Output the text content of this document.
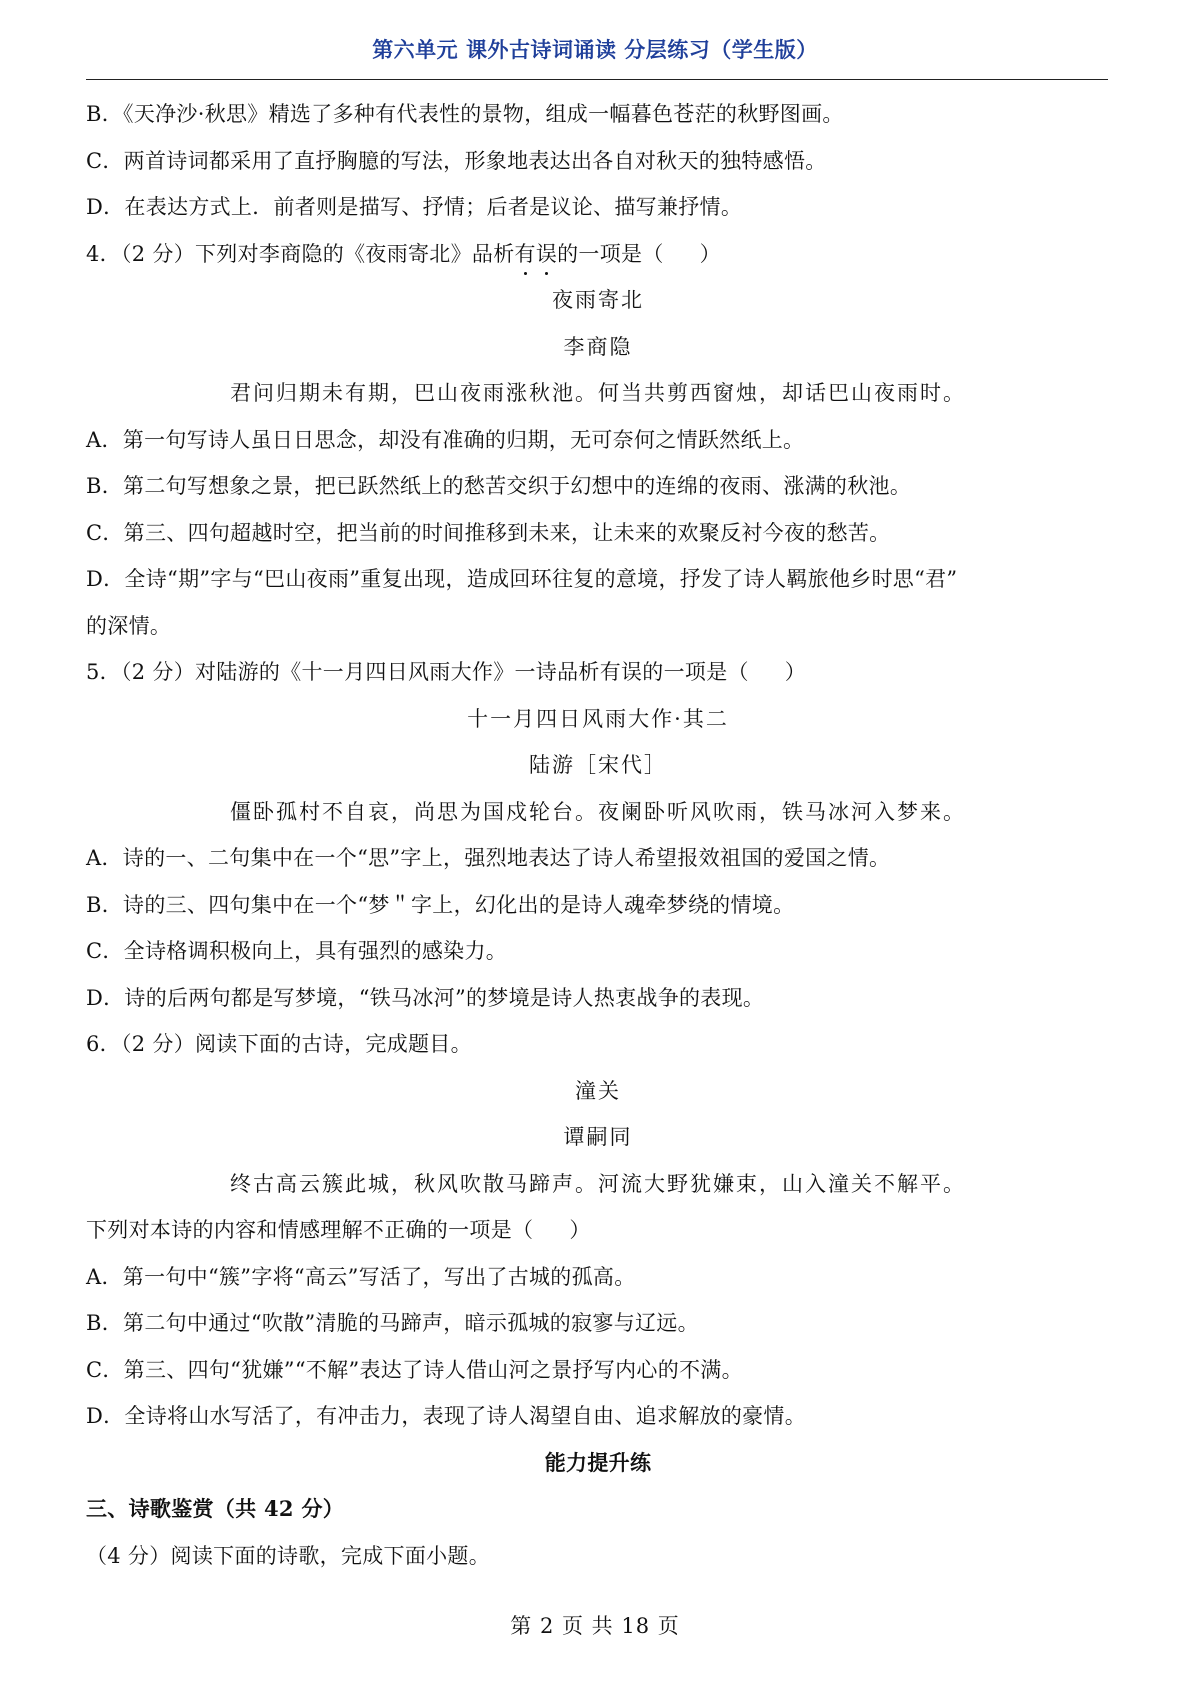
第六单元 课外古诗词诵读 分层练习（学生版）
B．《天净沙·秋思》精选了多种有代表性的景物，组成一幅暮色苍茫的秋野图画。
C．两首诗词都采用了直抒胸臆的写法，形象地表达出各自对秋天的独特感悟。
D．在表达方式上．前者则是描写、抒情；后者是议论、描写兼抒情。
4．（2 分）下列对李商隐的《夜雨寄北》品析有
误
的一项是（ ）
夜雨寄北
李商隐
君问归期未有期，巴山夜雨涨秋池。何当共剪西窗烛，却话巴山夜雨时。
A．第一句写诗人虽日日思念，却没有准确的归期，无可奈何之情跃然纸上。
B．第二句写想象之景，把已跃然纸上的愁苦交织于幻想中的连绵的夜雨、涨满的秋池。
C．第三、四句超越时空，把当前的时间推移到未来，让未来的欢聚反衬今夜的愁苦。
D．全诗“期”字与“巴山夜雨”重复出现，造成回环往复的意境，抒发了诗人羁旅他乡时思“君”
的深情。
5．（2 分）对陆游的《十一月四日风雨大作》一诗品析有误的一项是（ ）
十一月四日风雨大作·其二
陆游［宋代］
僵卧孤村不自哀，尚思为国戍轮台。夜阑卧听风吹雨，铁马冰河入梦来。
A．诗的一、二句集中在一个“思”字上，强烈地表达了诗人希望报效祖国的爱国之情。
B．诗的三、四句集中在一个“梦＂字上，幻化出的是诗人魂牵梦绕的情境。
C．全诗格调积极向上，具有强烈的感染力。
D．诗的后两句都是写梦境，“铁马冰河”的梦境是诗人热衷战争的表现。
6．（2 分）阅读下面的古诗，完成题目。
潼关
谭嗣同
终古高云簇此城，秋风吹散马蹄声。河流大野犹嫌束，山入潼关不解平。
下列对本诗的内容和情感理解不正确的一项是（ ）
A．第一句中“簇”字将“高云”写活了，写出了古城的孤高。
B．第二句中通过“吹散”清脆的马蹄声，暗示孤城的寂寥与辽远。
C．第三、四句“犹嫌”“不解”表达了诗人借山河之景抒写内心的不满。
D．全诗将山水写活了，有冲击力，表现了诗人渴望自由、追求解放的豪情。
能力提升练
三、诗歌鉴赏（共 42 分）
（4 分）阅读下面的诗歌，完成下面小题。
第 2 页 共 18 页
